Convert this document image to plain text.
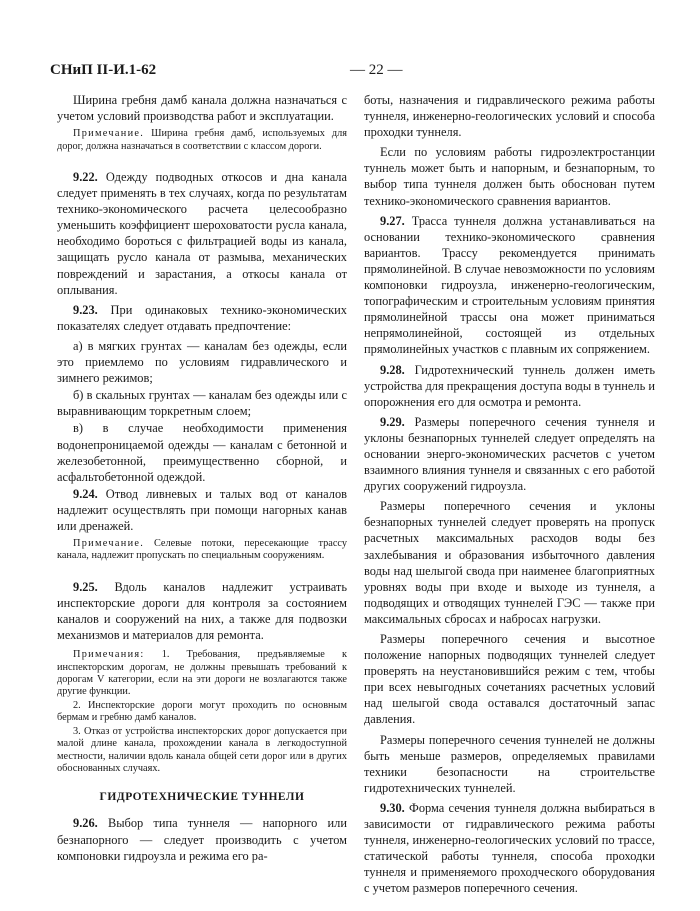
СНиП II-И.1-62	— 22 —
Ширина гребня дамб канала должна назначаться с учетом условий производства работ и эксплуатации.
Примечание. Ширина гребня дамб, используемых для дорог, должна назначаться в соответствии с классом дороги.
9.22. Одежду подводных откосов и дна канала следует применять в тех случаях, когда по результатам технико-экономического расчета целесообразно уменьшить коэффициент шероховатости русла канала, необходимо бороться с фильтрацией воды из канала, защищать русло канала от размыва, механических повреждений и зарастания, а откосы канала от оплывания.
9.23. При одинаковых технико-экономических показателях следует отдавать предпочтение:
а) в мягких грунтах — каналам без одежды, если это приемлемо по условиям гидравлического и зимнего режимов;
б) в скальных грунтах — каналам без одежды или с выравнивающим торкретным слоем;
в) в случае необходимости применения водонепроницаемой одежды — каналам с бетонной и железобетонной, преимущественно сборной, и асфальтобетонной одеждой.
9.24. Отвод ливневых и талых вод от каналов надлежит осуществлять при помощи нагорных канав или дренажей.
Примечание. Селевые потоки, пересекающие трассу канала, надлежит пропускать по специальным сооружениям.
9.25. Вдоль каналов надлежит устраивать инспекторские дороги для контроля за состоянием каналов и сооружений на них, а также для подвозки механизмов и материалов для ремонта.
Примечания: 1. Требования, предъявляемые к инспекторским дорогам, не должны превышать требований к дорогам V категории, если на эти дороги не возлагаются также другие функции.
2. Инспекторские дороги могут проходить по основным бермам и гребню дамб каналов.
3. Отказ от устройства инспекторских дорог допускается при малой длине канала, прохождении канала в легкодоступной местности, наличии вдоль канала общей сети дорог или в других обоснованных случаях.
ГИДРОТЕХНИЧЕСКИЕ ТУННЕЛИ
9.26. Выбор типа туннеля — напорного или безнапорного — следует производить с учетом компоновки гидроузла и режима его ра-
боты, назначения и гидравлического режима работы туннеля, инженерно-геологических условий и способа проходки туннеля.
Если по условиям работы гидроэлектростанции туннель может быть и напорным, и безнапорным, то выбор типа туннеля должен быть обоснован путем технико-экономического сравнения вариантов.
9.27. Трасса туннеля должна устанавливаться на основании технико-экономического сравнения вариантов. Трассу рекомендуется принимать прямолинейной. В случае невозможности по условиям компоновки гидроузла, инженерно-геологическим, топографическим и строительным условиям принятия прямолинейной трассы она может приниматься непрямолинейной, состоящей из отдельных прямолинейных участков с плавным их сопряжением.
9.28. Гидротехнический туннель должен иметь устройства для прекращения доступа воды в туннель и опорожнения его для осмотра и ремонта.
9.29. Размеры поперечного сечения туннеля и уклоны безнапорных туннелей следует определять на основании энерго-экономических расчетов с учетом взаимного влияния туннеля и связанных с его работой других сооружений гидроузла.
Размеры поперечного сечения и уклоны безнапорных туннелей следует проверять на пропуск расчетных максимальных расходов воды без захлебывания и образования избыточного давления воды над шелыгой свода при наименее благоприятных уровнях воды при входе и выходе из туннеля, а подводящих и отводящих туннелей ГЭС — также при максимальных сбросах и набросах нагрузки.
Размеры поперечного сечения и высотное положение напорных подводящих туннелей следует проверять на неустановившийся режим с тем, чтобы при всех невыгодных сочетаниях расчетных условий над шелыгой свода оставался достаточный запас давления.
Размеры поперечного сечения туннелей не должны быть меньше размеров, определяемых правилами техники безопасности на строительстве гидротехнических туннелей.
9.30. Форма сечения туннеля должна выбираться в зависимости от гидравлического режима работы туннеля, инженерно-геологических условий по трассе, статической работы туннеля, способа проходки туннеля и применяемого проходческого оборудования с учетом размеров поперечного сечения.
